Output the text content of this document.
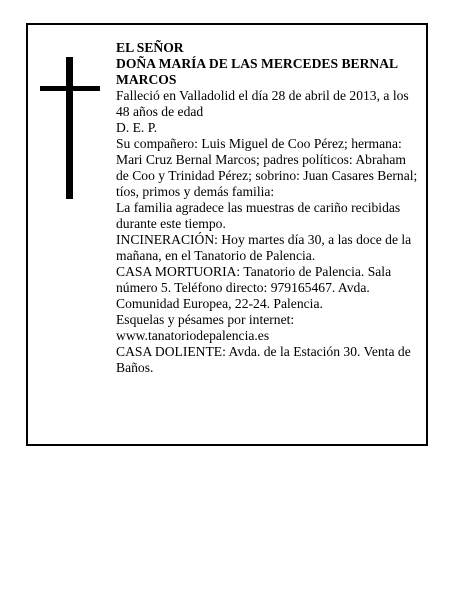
EL SEÑOR

DOÑA MARÍA DE LAS MERCEDES BERNAL MARCOS

Falleció en Valladolid el día 28 de abril de 2013, a los 48 años de edad

D. E. P.

Su compañero: Luis Miguel de Coo Pérez; hermana: Mari Cruz Bernal Marcos; padres políticos: Abraham de Coo y Trinidad Pérez; sobrino: Juan Casares Bernal; tíos, primos y demás familia:

La familia agradece las muestras de cariño recibidas durante este tiempo.

INCINERACIÓN: Hoy martes día 30, a las doce de la mañana, en el Tanatorio de Palencia.

CASA MORTUORIA: Tanatorio de Palencia. Sala número 5. Teléfono directo: 979165467. Avda. Comunidad Europea, 22-24. Palencia.

Esquelas y pésames por internet:

www.tanatoriodepalencia.es

CASA DOLIENTE: Avda. de la Estación 30. Venta de Baños.
